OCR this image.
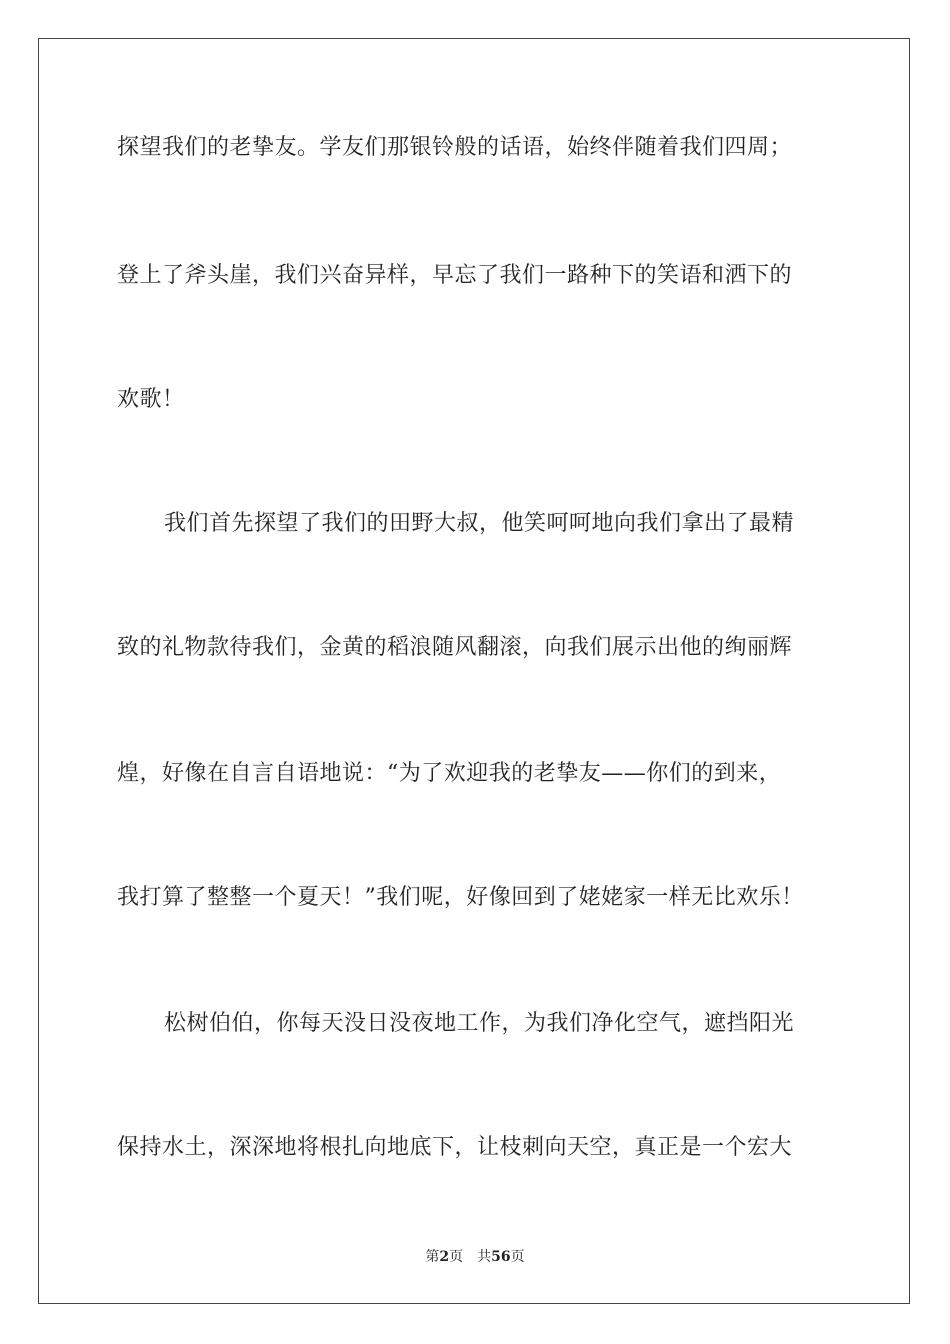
探望我们的老挚友。学友们那银铃般的话语，始终伴随着我们四周；
登上了斧头崖，我们兴奋异样，早忘了我们一路种下的笑语和洒下的
欢歌！
我们首先探望了我们的田野大叔，他笑呵呵地向我们拿出了最精
致的礼物款待我们，金黄的稻浪随风翻滚，向我们展示出他的绚丽辉
煌，好像在自言自语地说：“为了欢迎我的老挚友——你们的到来，
我打算了整整一个夏天！”我们呢，好像回到了姥姥家一样无比欢乐！
松树伯伯，你每天没日没夜地工作，为我们净化空气，遮挡阳光
保持水土，深深地将根扎向地底下，让枝刺向天空，真正是一个宏大
第2页 共56页
